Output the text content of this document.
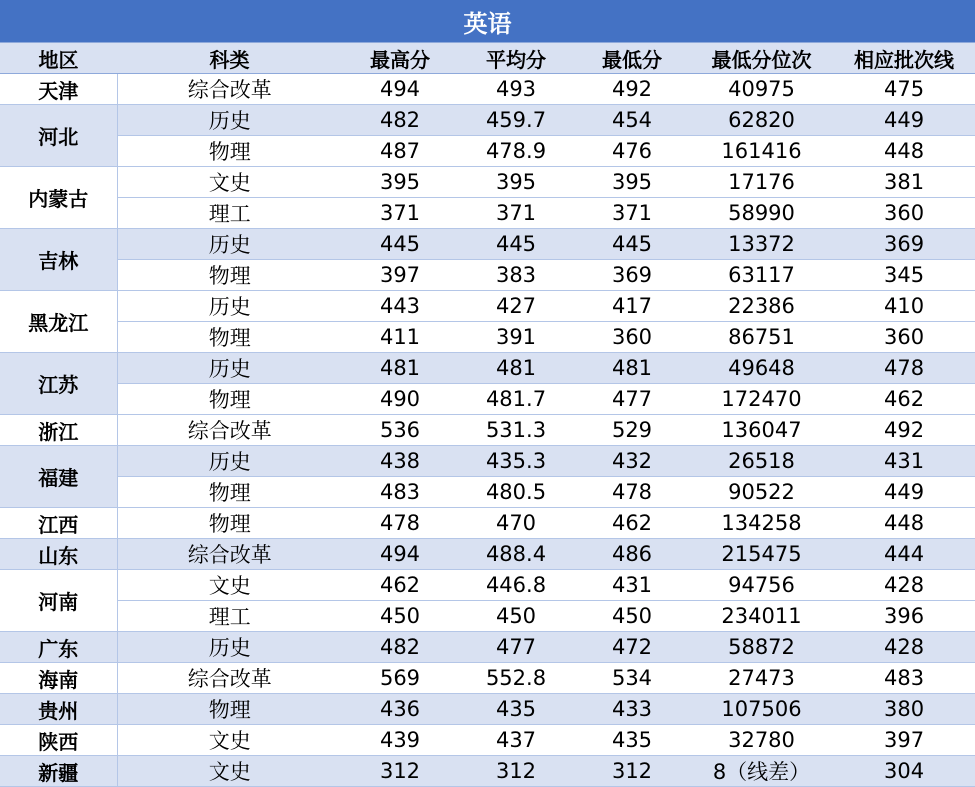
英语						
地区	科类	最高分	平均分	最低分	最低分位次	相应批次线
天津	综合改革	494	493	492	40975	475
河北	历史	482	459.7	454	62820	449
	物理	487	478.9	476	161416	448
内蒙古	文史	395	395	395	17176	381
	理工	371	371	371	58990	360
吉林	历史	445	445	445	13372	369
	物理	397	383	369	63117	345
黑龙江	历史	443	427	417	22386	410
	物理	411	391	360	86751	360
江苏	历史	481	481	481	49648	478
	物理	490	481.7	477	172470	462
浙江	综合改革	536	531.3	529	136047	492
福建	历史	438	435.3	432	26518	431
	物理	483	480.5	478	90522	449
江西	物理	478	470	462	134258	448
山东	综合改革	494	488.4	486	215475	444
河南	文史	462	446.8	431	94756	428
	理工	450	450	450	234011	396
广东	历史	482	477	472	58872	428
海南	综合改革	569	552.8	534	27473	483
贵州	物理	436	435	433	107506	380
陕西	文史	439	437	435	32780	397
新疆	文史	312	312	312	8（线差）	304
